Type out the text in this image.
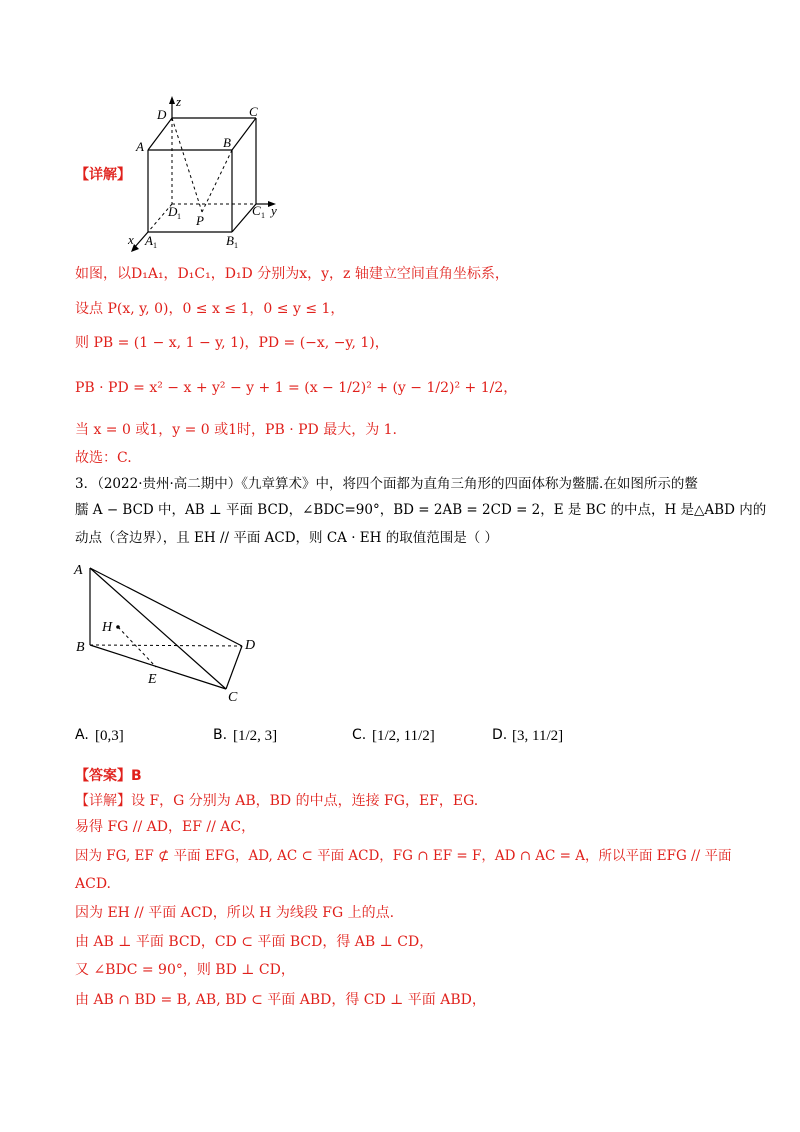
D
z
C
A	B
D
P
C y
x A	B
1	1
1	1
【详解】
如图，以D₁A₁，D₁C₁，D₁D 分别为x，y，z 轴建立空间直角坐标系，
设点 P(x, y, 0)，0 ≤ x ≤ 1，0 ≤ y ≤ 1，
则 PB = (1 − x, 1 − y, 1)，PD = (−x, −y, 1)，
PB · PD = x² − x + y² − y + 1 = (x − 1/2)² + (y − 1/2)² + 1/2，
当 x = 0 或1，y = 0 或1时，PB · PD 最大，为 1.
故选：C.
3．（2022·贵州·高二期中）《九章算术》中，将四个面都为直角三角形的四面体称为鳖臑.在如图所示的鳖
臑 A − BCD 中，AB ⊥ 平面 BCD，∠BDC=90°，BD = 2AB = 2CD = 2，E 是 BC 的中点，H 是△ABD 内的
动点（含边界），且 EH // 平面 ACD，则 CA · EH 的取值范围是（ ）
A
H
B	D
E
C
A. [0,3]	B. [1/2, 3]	C. [1/2, 11/2]	D. [3, 11/2]
【答案】B
【详解】设 F，G 分别为 AB，BD 的中点，连接 FG，EF，EG.
易得 FG // AD，EF // AC，
因为 FG, EF ⊄ 平面 EFG，AD, AC ⊂ 平面 ACD，FG ∩ EF = F，AD ∩ AC = A，所以平面 EFG // 平面
ACD.
因为 EH // 平面 ACD，所以 H 为线段 FG 上的点.
由 AB ⊥ 平面 BCD，CD ⊂ 平面 BCD，得 AB ⊥ CD，
又 ∠BDC = 90°，则 BD ⊥ CD，
由 AB ∩ BD = B, AB, BD ⊂ 平面 ABD，得 CD ⊥ 平面 ABD，
